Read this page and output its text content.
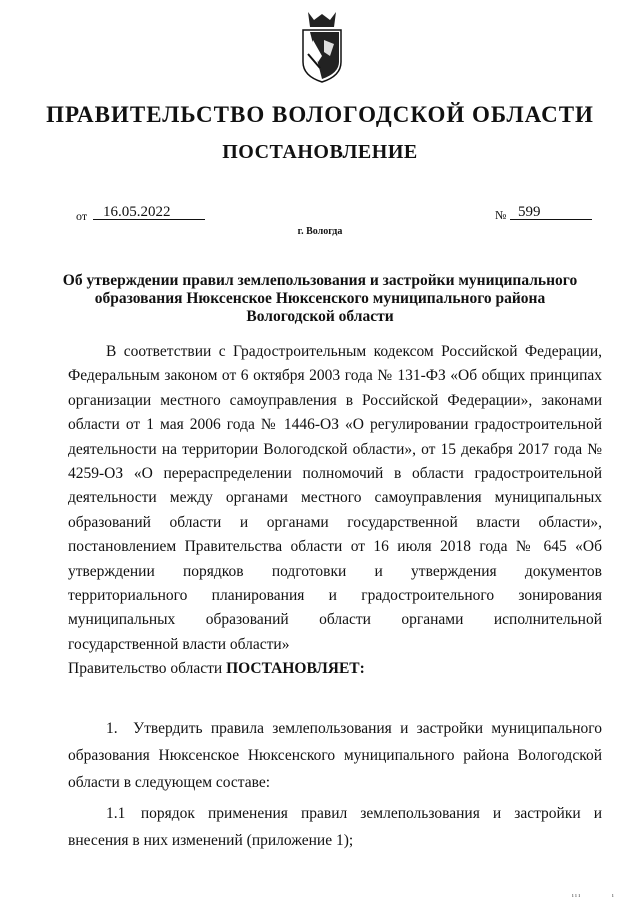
ПРАВИТЕЛЬСТВО ВОЛОГОДСКОЙ ОБЛАСТИ
ПОСТАНОВЛЕНИЕ
от	16.05.2022	№ 599
г. Вологда
Об утверждении правил землепользования и застройки муниципального образования Нюксенское Нюксенского муниципального района Вологодской области
В соответствии с Градостроительным кодексом Российской Федерации, Федеральным законом от 6 октября 2003 года № 131-ФЗ «Об общих принципах организации местного самоуправления в Российской Федерации», законами области от 1 мая 2006 года № 1446-ОЗ «О регулировании градостроительной деятельности на территории Вологодской области», от 15 декабря 2017 года № 4259-ОЗ «О перераспределении полномочий в области градостроительной деятельности между органами местного самоуправления муниципальных образований области и органами государственной власти области», постановлением Правительства области от 16 июля 2018 года № 645 «Об утверждении порядков подготовки и утверждения документов территориального планирования и градостроительного зонирования муниципальных образований области органами исполнительной государственной власти области»
Правительство области ПОСТАНОВЛЯЕТ:
1. Утвердить правила землепользования и застройки муниципального образования Нюксенское Нюксенского муниципального района Вологодской области в следующем составе:
1.1 порядок применения правил землепользования и застройки и внесения в них изменений (приложение 1);
ı ı ı	ı
